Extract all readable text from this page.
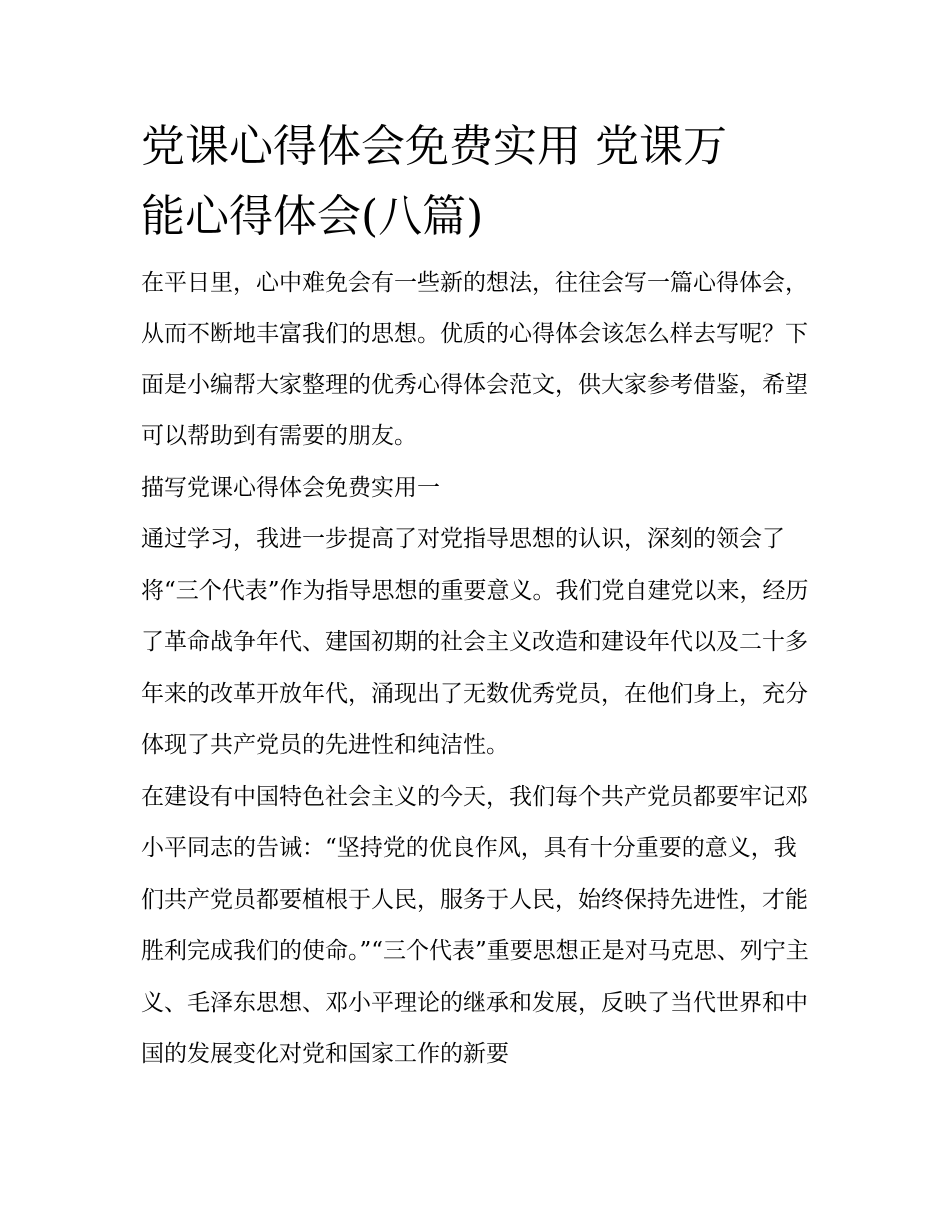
党课心得体会免费实用 党课万
能心得体会(八篇)

在平日里，心中难免会有一些新的想法，往往会写一篇心得体会，从而不断地丰富我们的思想。优质的心得体会该怎么样去写呢？下面是小编帮大家整理的优秀心得体会范文，供大家参考借鉴，希望可以帮助到有需要的朋友。

描写党课心得体会免费实用一

通过学习，我进一步提高了对党指导思想的认识，深刻的领会了将“三个代表”作为指导思想的重要意义。我们党自建党以来，经历了革命战争年代、建国初期的社会主义改造和建设年代以及二十多年来的改革开放年代，涌现出了无数优秀党员，在他们身上，充分体现了共产党员的先进性和纯洁性。

在建设有中国特色社会主义的今天，我们每个共产党员都要牢记邓小平同志的告诫：“坚持党的优良作风，具有十分重要的意义，我们共产党员都要植根于人民，服务于人民，始终保持先进性，才能胜利完成我们的使命。”“三个代表”重要思想正是对马克思、列宁主义、毛泽东思想、邓小平理论的继承和发展，反映了当代世界和中国的发展变化对党和国家工作的新要
